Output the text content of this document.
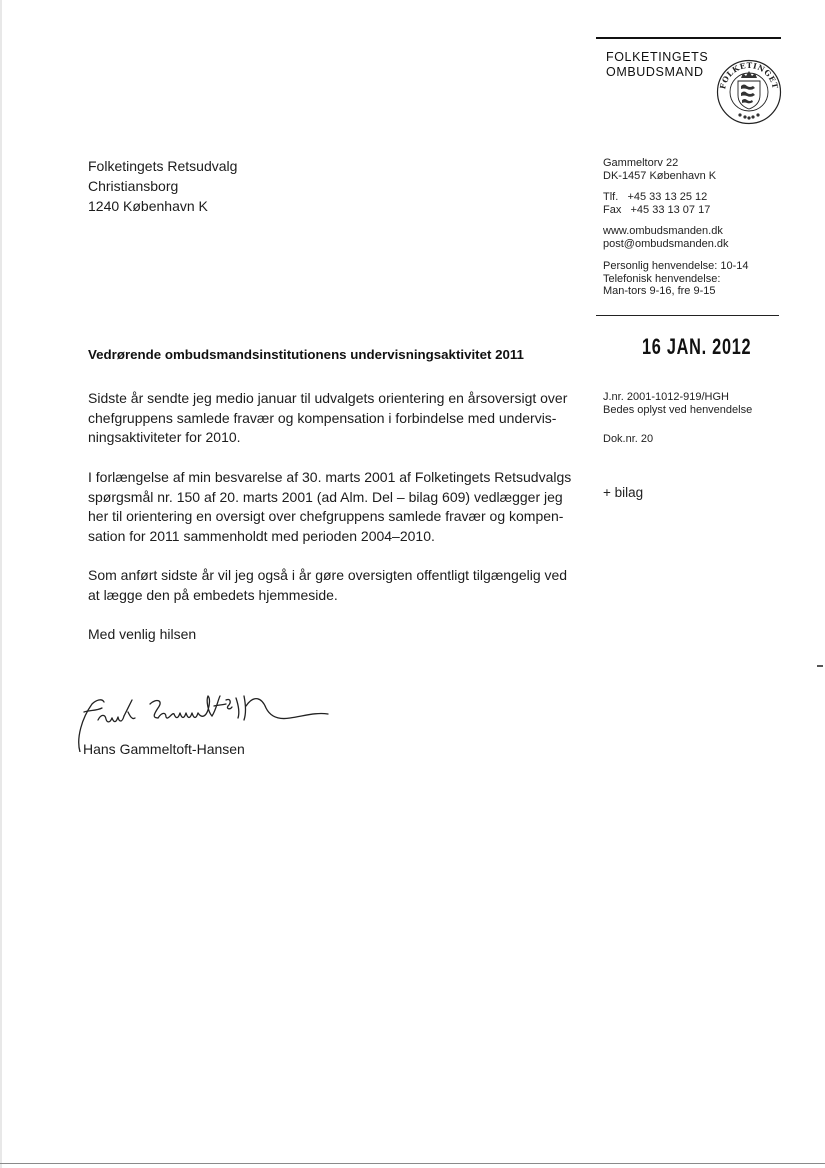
FOLKETINGETS
OMBUDSMAND
FOLKETINGET
Gammeltorv 22
DK-1457 København K
Tlf.   +45 33 13 25 12
Fax   +45 33 13 07 17
www.ombudsmanden.dk
post@ombudsmanden.dk
Personlig henvendelse: 10-14
Telefonisk henvendelse:
Man-tors 9-16, fre 9-15
16 JAN. 2012
J.nr. 2001-1012-919/HGH
Bedes oplyst ved henvendelse
Dok.nr. 20
+ bilag
Folketingets Retsudvalg
Christiansborg
1240 København K
Vedrørende ombudsmandsinstitutionens undervisningsaktivitet 2011
Sidste år sendte jeg medio januar til udvalgets orientering en årsoversigt over
chefgruppens samlede fravær og kompensation i forbindelse med undervis-
ningsaktiviteter for 2010.
I forlængelse af min besvarelse af 30. marts 2001 af Folketingets Retsudvalgs
spørgsmål nr. 150 af 20. marts 2001 (ad Alm. Del – bilag 609) vedlægger jeg
her til orientering en oversigt over chefgruppens samlede fravær og kompen-
sation for 2011 sammenholdt med perioden 2004–2010.
Som anført sidste år vil jeg også i år gøre oversigten offentligt tilgængelig ved
at lægge den på embedets hjemmeside.
Med venlig hilsen
Hans Gammeltoft-Hansen
